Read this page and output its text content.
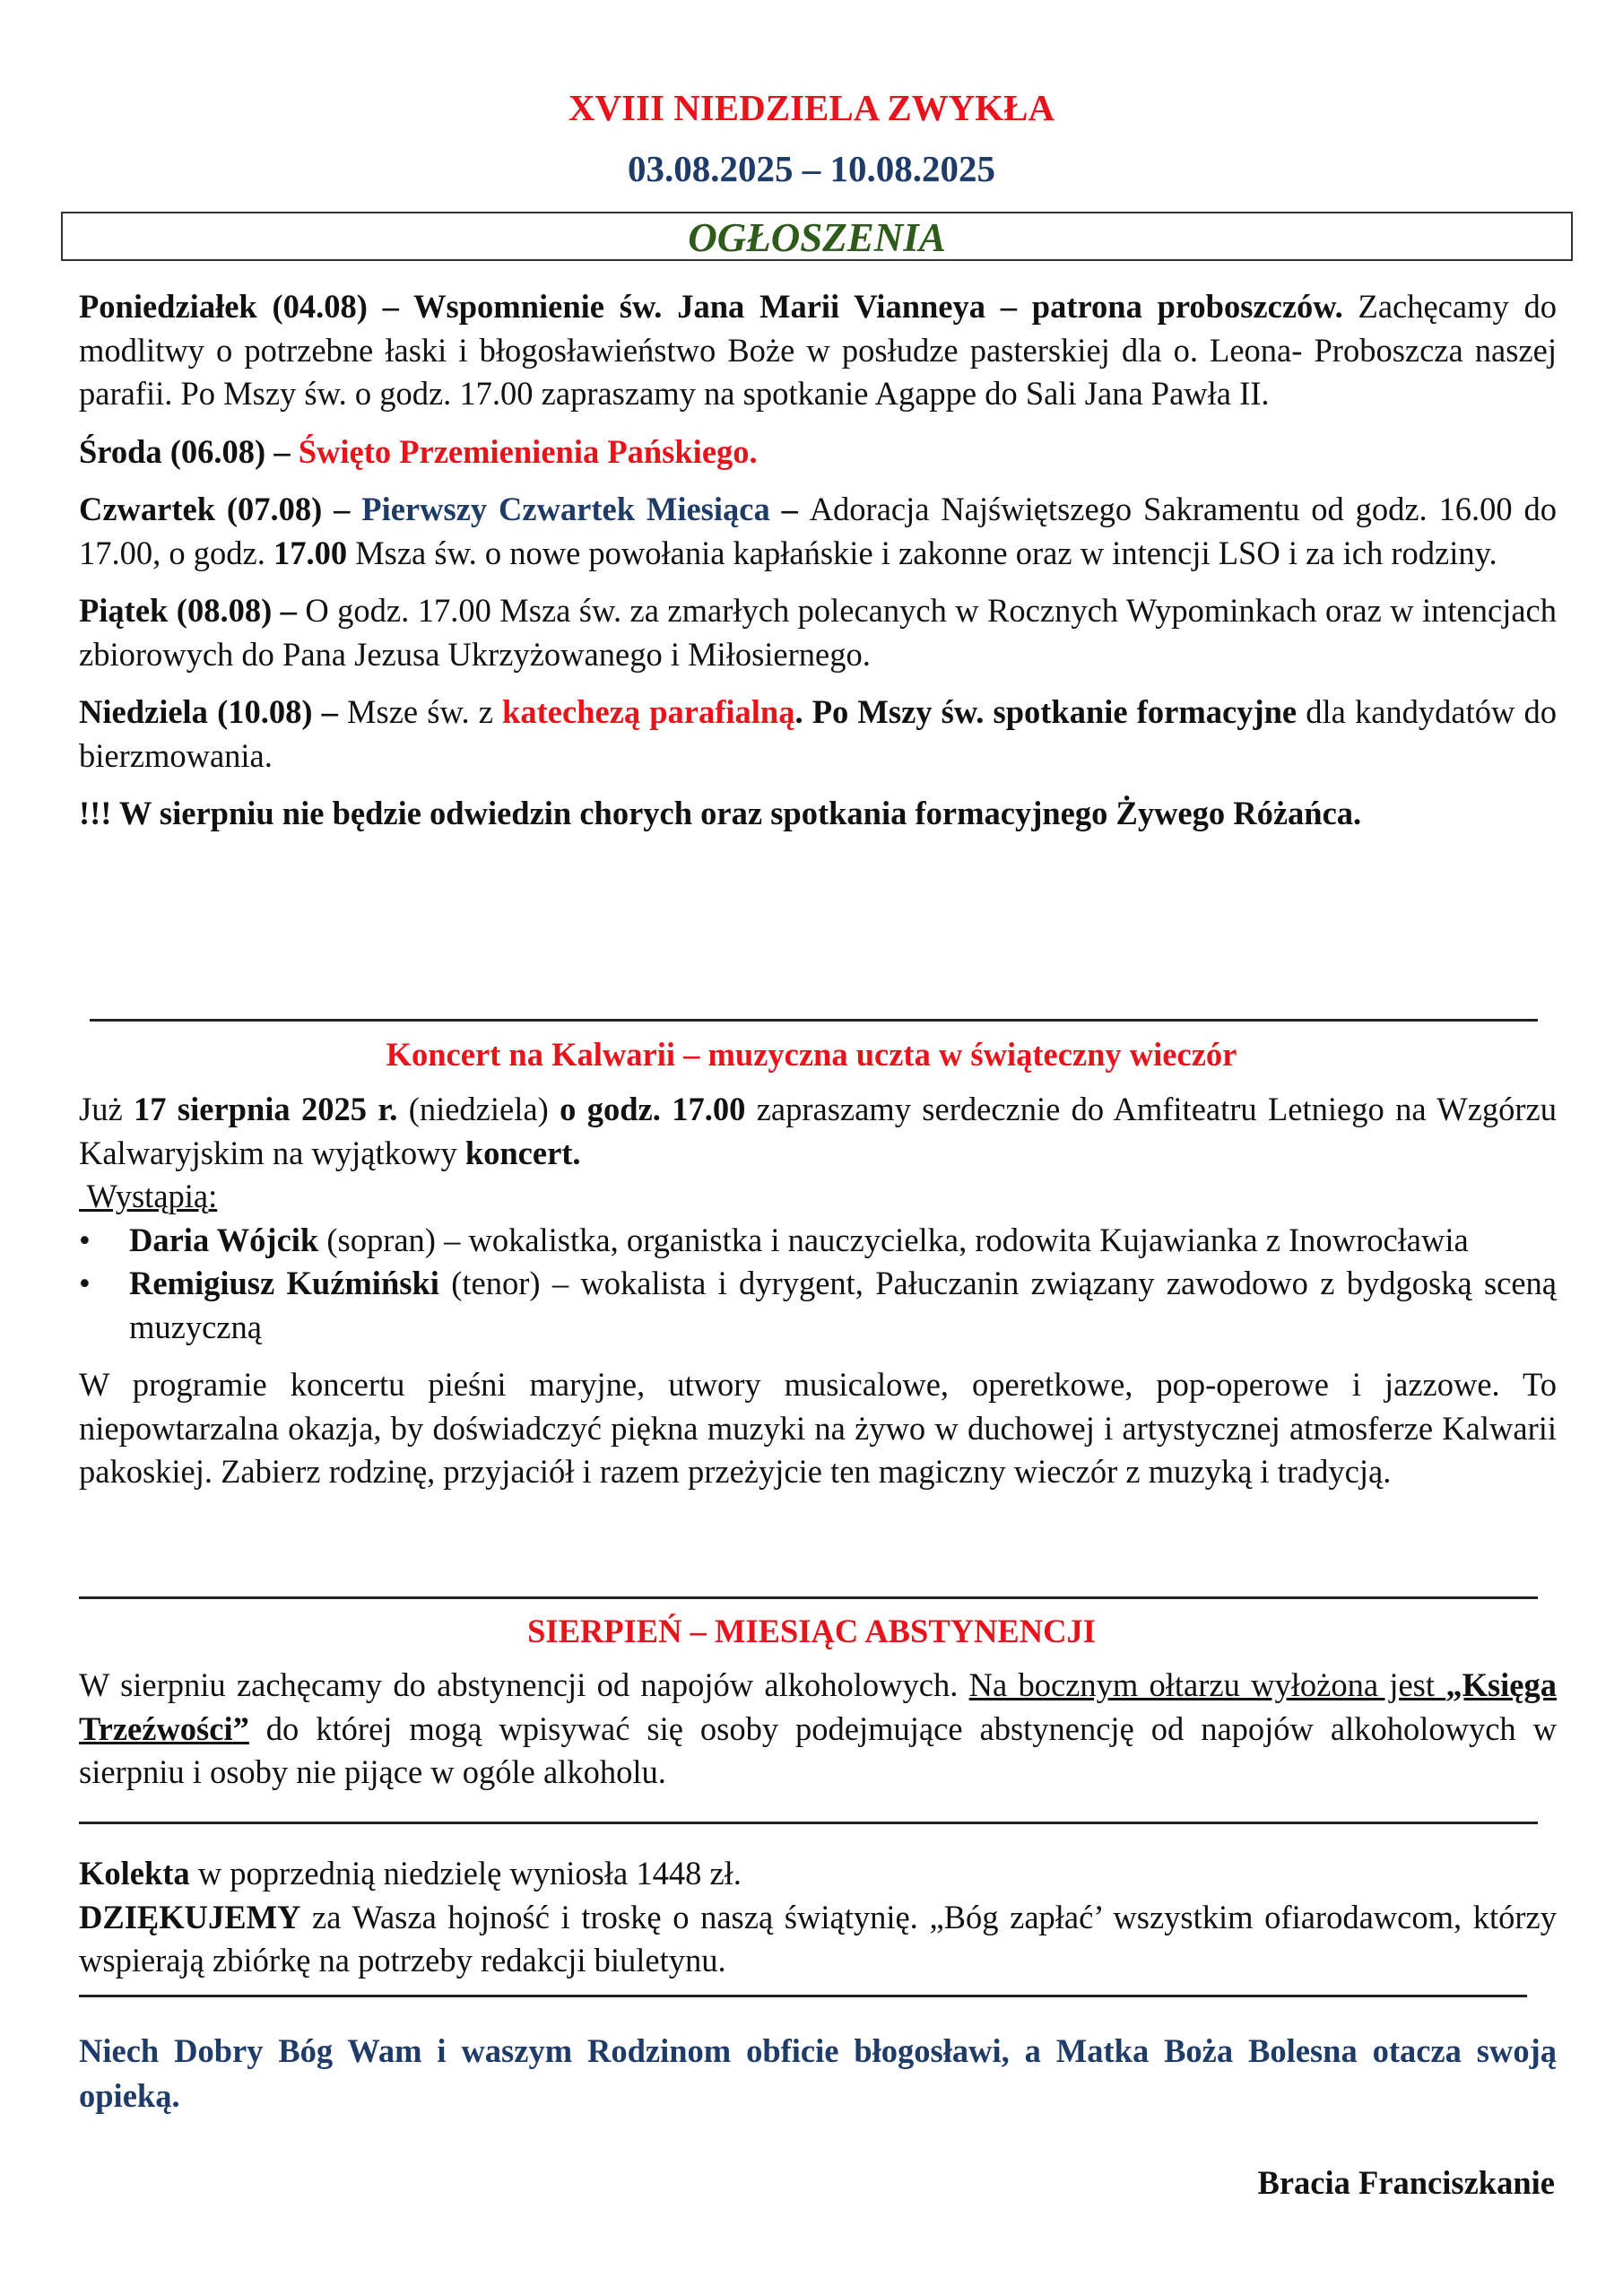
XVIII NIEDZIELA ZWYKŁA
03.08.2025 – 10.08.2025
OGŁOSZENIA

Poniedziałek (04.08) – Wspomnienie św. Jana Marii Vianneya – patrona proboszczów. Zachęcamy do modlitwy o potrzebne łaski i błogosławieństwo Boże w posłudze pasterskiej dla o. Leona- Proboszcza naszej parafii. Po Mszy św. o godz. 17.00 zapraszamy na spotkanie Agappe do Sali Jana Pawła II.

Środa (06.08) – Święto Przemienienia Pańskiego.

Czwartek (07.08) – Pierwszy Czwartek Miesiąca – Adoracja Najświętszego Sakramentu od godz. 16.00 do 17.00, o godz. 17.00 Msza św. o nowe powołania kapłańskie i zakonne oraz w intencji LSO i za ich rodziny.

Piątek (08.08) – O godz. 17.00 Msza św. za zmarłych polecanych w Rocznych Wypominkach oraz w intencjach zbiorowych do Pana Jezusa Ukrzyżowanego i Miłosiernego.

Niedziela (10.08) – Msze św. z katechezą parafialną. Po Mszy św. spotkanie formacyjne dla kandydatów do bierzmowania.

!!! W sierpniu nie będzie odwiedzin chorych oraz spotkania formacyjnego Żywego Różańca.

Koncert na Kalwarii – muzyczna uczta w świąteczny wieczór

Już 17 sierpnia 2025 r. (niedziela) o godz. 17.00 zapraszamy serdecznie do Amfiteatru Letniego na Wzgórzu Kalwaryjskim na wyjątkowy koncert.

Wystąpią:

• Daria Wójcik (sopran) – wokalistka, organistka i nauczycielka, rodowita Kujawianka z Inowrocławia
• Remigiusz Kuźmiński (tenor) – wokalista i dyrygent, Pałuczanin związany zawodowo z bydgoską sceną muzyczną

W programie koncertu pieśni maryjne, utwory musicalowe, operetkowe, pop-operowe i jazzowe. To niepowtarzalna okazja, by doświadczyć piękna muzyki na żywo w duchowej i artystycznej atmosferze Kalwarii pakoskiej. Zabierz rodzinę, przyjaciół i razem przeżyjcie ten magiczny wieczór z muzyką i tradycją.

SIERPIEŃ – MIESIĄC ABSTYNENCJI

W sierpniu zachęcamy do abstynencji od napojów alkoholowych. Na bocznym ołtarzu wyłożona jest „Księga Trzeźwości” do której mogą wpisywać się osoby podejmujące abstynencję od napojów alkoholowych w sierpniu i osoby nie pijące w ogóle alkoholu.

Kolekta w poprzednią niedzielę wyniosła 1448 zł.

DZIĘKUJEMY za Wasza hojność i troskę o naszą świątynię. „Bóg zapłać’ wszystkim ofiarodawcom, którzy wspierają zbiórkę na potrzeby redakcji biuletynu.

Niech Dobry Bóg Wam i waszym Rodzinom obficie błogosławi, a Matka Boża Bolesna otacza swoją opieką.
Bracia Franciszkanie
